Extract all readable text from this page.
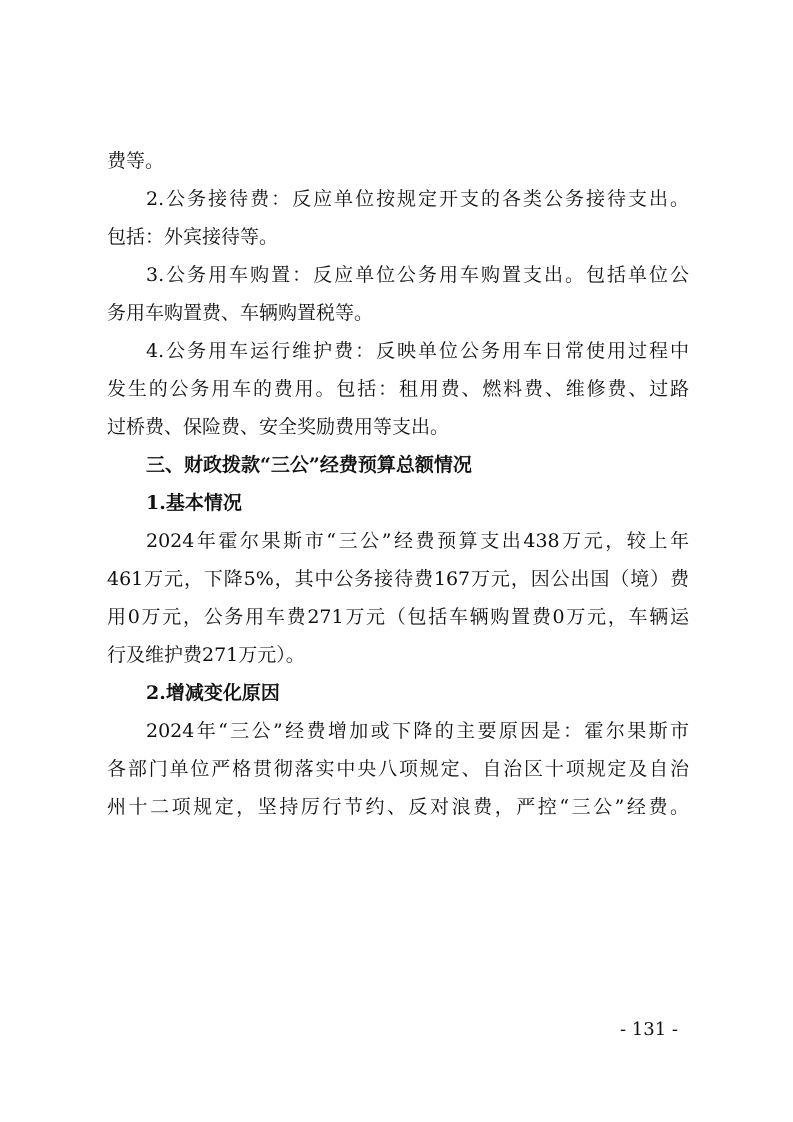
费等。
2.公务接待费：反应单位按规定开支的各类公务接待支出。
包括：外宾接待等。
3.公务用车购置：反应单位公务用车购置支出。包括单位公
务用车购置费、车辆购置税等。
4.公务用车运行维护费：反映单位公务用车日常使用过程中
发生的公务用车的费用。包括：租用费、燃料费、维修费、过路
过桥费、保险费、安全奖励费用等支出。
三、财政拨款“三公”经费预算总额情况
1.基本情况
2024年霍尔果斯市“三公”经费预算支出438万元，较上年
461万元，下降5%，其中公务接待费167万元，因公出国（境）费
用0万元，公务用车费271万元（包括车辆购置费0万元，车辆运
行及维护费271万元）。
2.增减变化原因
2024年“三公”经费增加或下降的主要原因是：霍尔果斯市
各部门单位严格贯彻落实中央八项规定、自治区十项规定及自治
州十二项规定，坚持厉行节约、反对浪费，严控“三公”经费。
- 131 -
